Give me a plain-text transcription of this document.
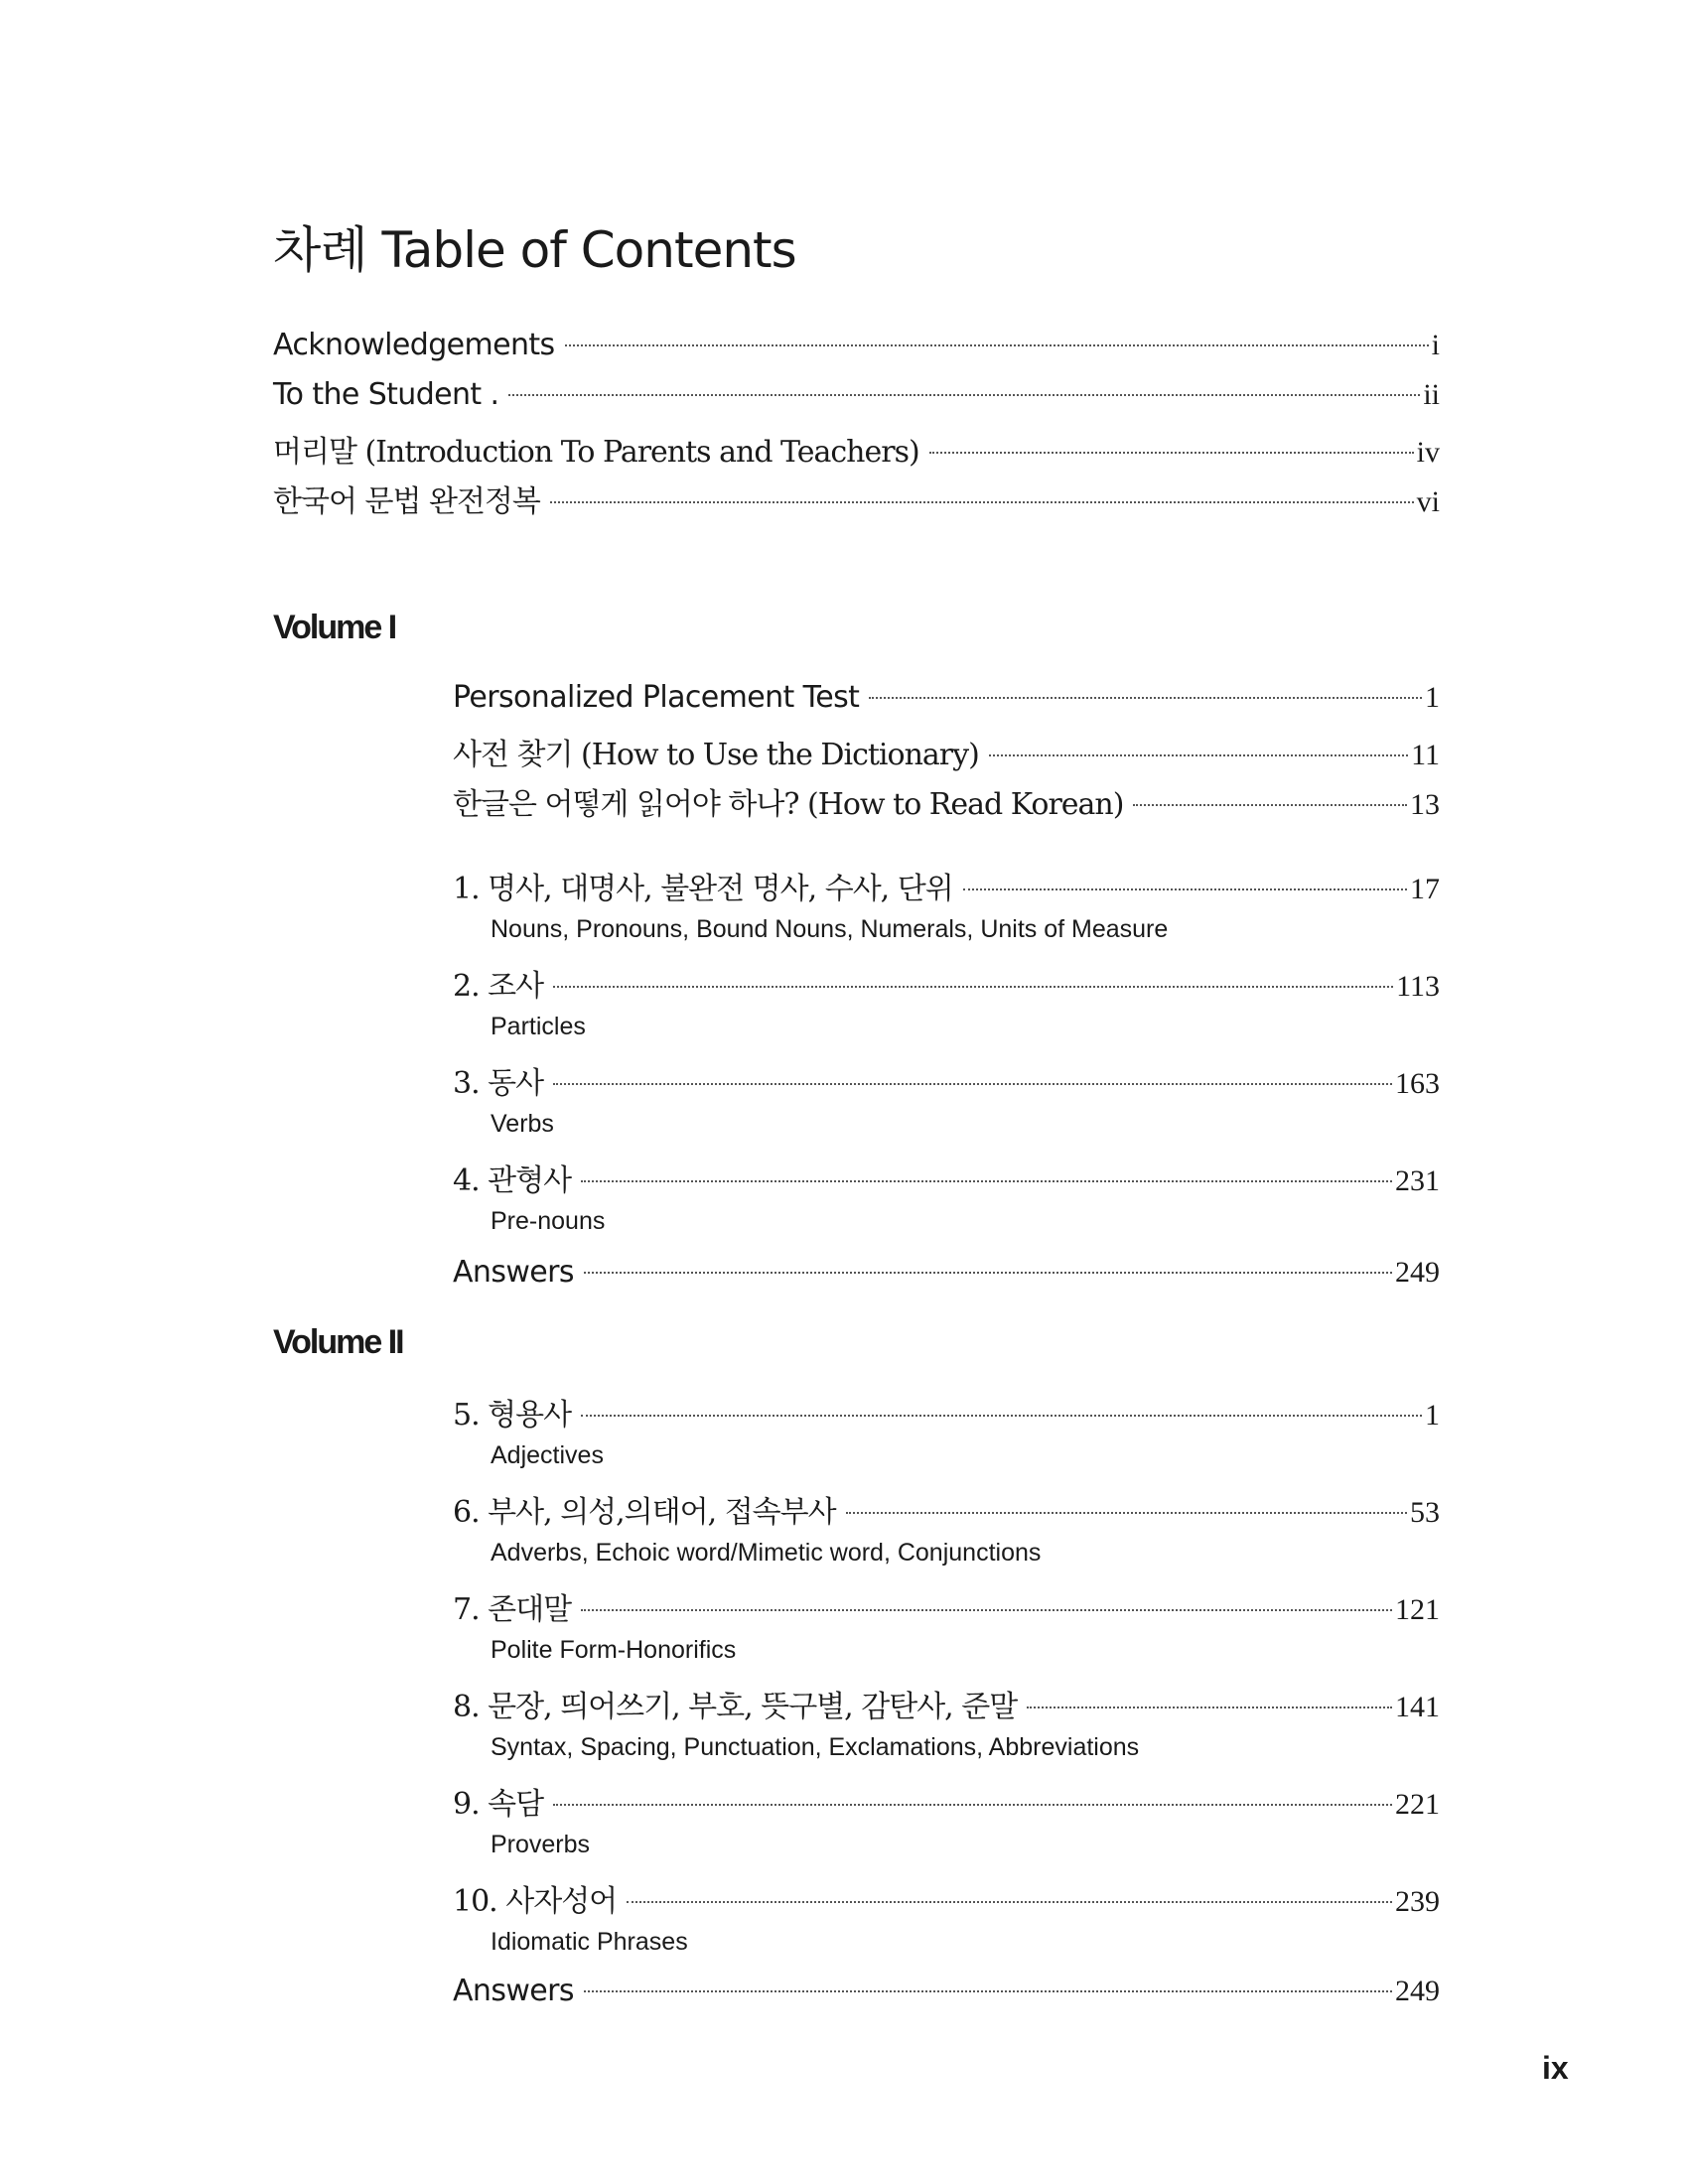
차례 Table of Contents
Acknowledgements	i
To the Student .	ii
머리말 (Introduction To Parents and Teachers)	iv
한국어 문법 완전정복	vi
Volume I
Personalized Placement Test	1
사전 찾기 (How to Use the Dictionary)	11
한글은 어떻게 읽어야 하나? (How to Read Korean)	13
1. 명사, 대명사, 불완전 명사, 수사, 단위	17
Nouns, Pronouns, Bound Nouns, Numerals, Units of Measure
2. 조사	113
Particles
3. 동사	163
Verbs
4. 관형사	231
Pre-nouns
Answers	249
Volume II
5. 형용사	1
Adjectives
6. 부사, 의성,의태어, 접속부사	53
Adverbs, Echoic word/Mimetic word, Conjunctions
7. 존대말	121
Polite Form-Honorifics
8. 문장, 띄어쓰기, 부호, 뜻구별, 감탄사, 준말	141
Syntax, Spacing, Punctuation, Exclamations, Abbreviations
9. 속담	221
Proverbs
10. 사자성어	239
Idiomatic Phrases
Answers	249
ix
